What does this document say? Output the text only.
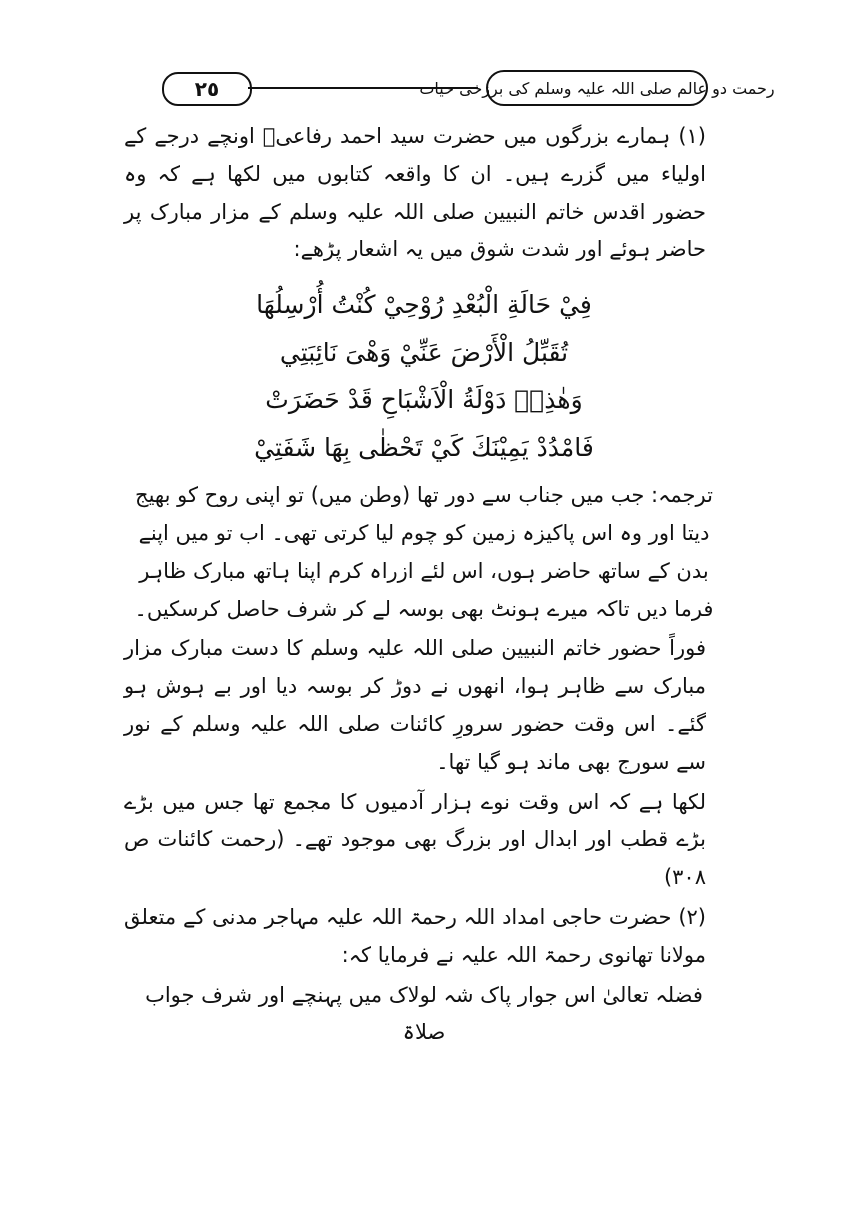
٢٥	رحمت دو عالم صلی اللہ علیہ وسلم کی برزخی حیات

(۱) ہمارے بزرگوں میں حضرت سید احمد رفاعیؒ اونچے درجے کے اولیاء میں گزرے ہیں۔ ان کا واقعہ کتابوں میں لکھا ہے کہ وہ حضور اقدس خاتم النبیین صلی اللہ علیہ وسلم کے مزار مبارک پر حاضر ہوئے اور شدت شوق میں یہ اشعار پڑھے:

فِيْ حَالَةِ الْبُعْدِ رُوْحِيْ كُنْتُ أُرْسِلُهَا
تُقَبِّلُ الْأَرْضَ عَنِّيْ وَهْىَ نَائِبَتِي
وَهٰذِهٖ دَوْلَةُ الْاَشْبَاحِ قَدْ حَضَرَتْ
فَامْدُدْ يَمِيْنَكَ كَيْ تَحْظٰى بِهَا شَفَتِيْ

ترجمہ: جب میں جناب سے دور تھا (وطن میں) تو اپنی روح کو بھیج دیتا اور وہ اس پاکیزہ زمین کو چوم لیا کرتی تھی۔ اب تو میں اپنے بدن کے ساتھ حاضر ہوں، اس لئے ازراہ کرم اپنا ہاتھ مبارک ظاہر فرما دیں تاکہ میرے ہونٹ بھی بوسہ لے کر شرف حاصل کرسکیں۔

فوراً حضور خاتم النبیین صلی اللہ علیہ وسلم کا دست مبارک مزار مبارک سے ظاہر ہوا، انھوں نے دوڑ کر بوسہ دیا اور بے ہوش ہو گئے۔ اس وقت حضور سرورِ کائنات صلی اللہ علیہ وسلم کے نور سے سورج بھی ماند ہو گیا تھا۔

لکھا ہے کہ اس وقت نوے ہزار آدمیوں کا مجمع تھا جس میں بڑے بڑے قطب اور ابدال اور بزرگ بھی موجود تھے۔ (رحمت کائنات ص ۳۰۸)

(۲) حضرت حاجی امداد اللہ رحمۃ اللہ علیہ مہاجر مدنی کے متعلق مولانا تھانوی رحمۃ اللہ علیہ نے فرمایا کہ:

فضلہ تعالیٰ اس جوار پاک شہ لولاک میں پہنچے اور شرف جواب صلاۃ
